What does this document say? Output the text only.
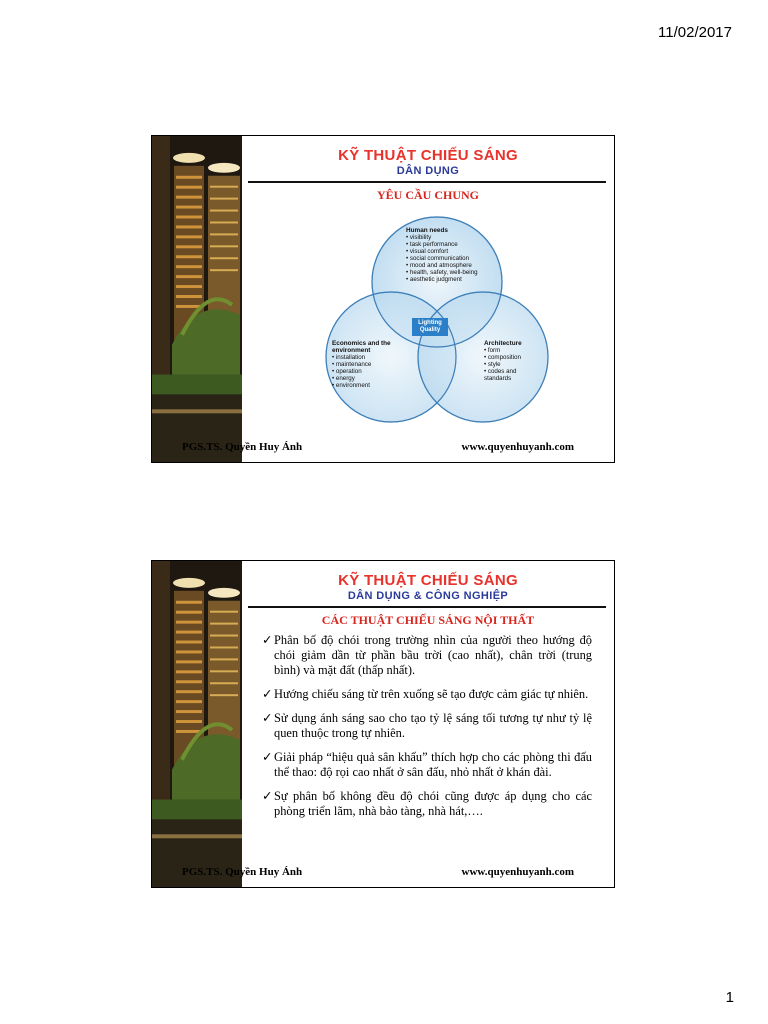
11/02/2017
KỸ THUẬT CHIẾU SÁNG
DÂN DỤNG
YÊU CẦU CHUNG
Human needs
• visibility
• task performance
• visual comfort
• social communication
• mood and atmosphere
• health, safety, well-being
• aesthetic judgment
Economics and the environment
• installation
• maintenance
• operation
• energy
• environment
Architecture
• form
• composition
• style
• codes and standards
Lighting Quality
PGS.TS. Quyền Huy Ánh	www.quyenhuyanh.com
KỸ THUẬT CHIẾU SÁNG
DÂN DỤNG & CÔNG NGHIỆP
CÁC THUẬT CHIẾU SÁNG NỘI THẤT
✓ Phân bố độ chói trong trường nhìn của người theo hướng độ chói giảm dần từ phần bầu trời (cao nhất), chân trời (trung bình) và mặt đất (thấp nhất).
✓ Hướng chiếu sáng từ trên xuống sẽ tạo được cảm giác tự nhiên.
✓ Sử dụng ánh sáng sao cho tạo tỷ lệ sáng tối tương tự như tỷ lệ quen thuộc trong tự nhiên.
✓ Giải pháp “hiệu quả sân khấu” thích hợp cho các phòng thi đấu thể thao: độ rọi cao nhất ở sân đấu, nhỏ nhất ở khán đài.
✓ Sự phân bố không đều độ chói cũng được áp dụng cho các phòng triển lãm, nhà bảo tàng, nhà hát,….
PGS.TS. Quyền Huy Ánh	www.quyenhuyanh.com
1
